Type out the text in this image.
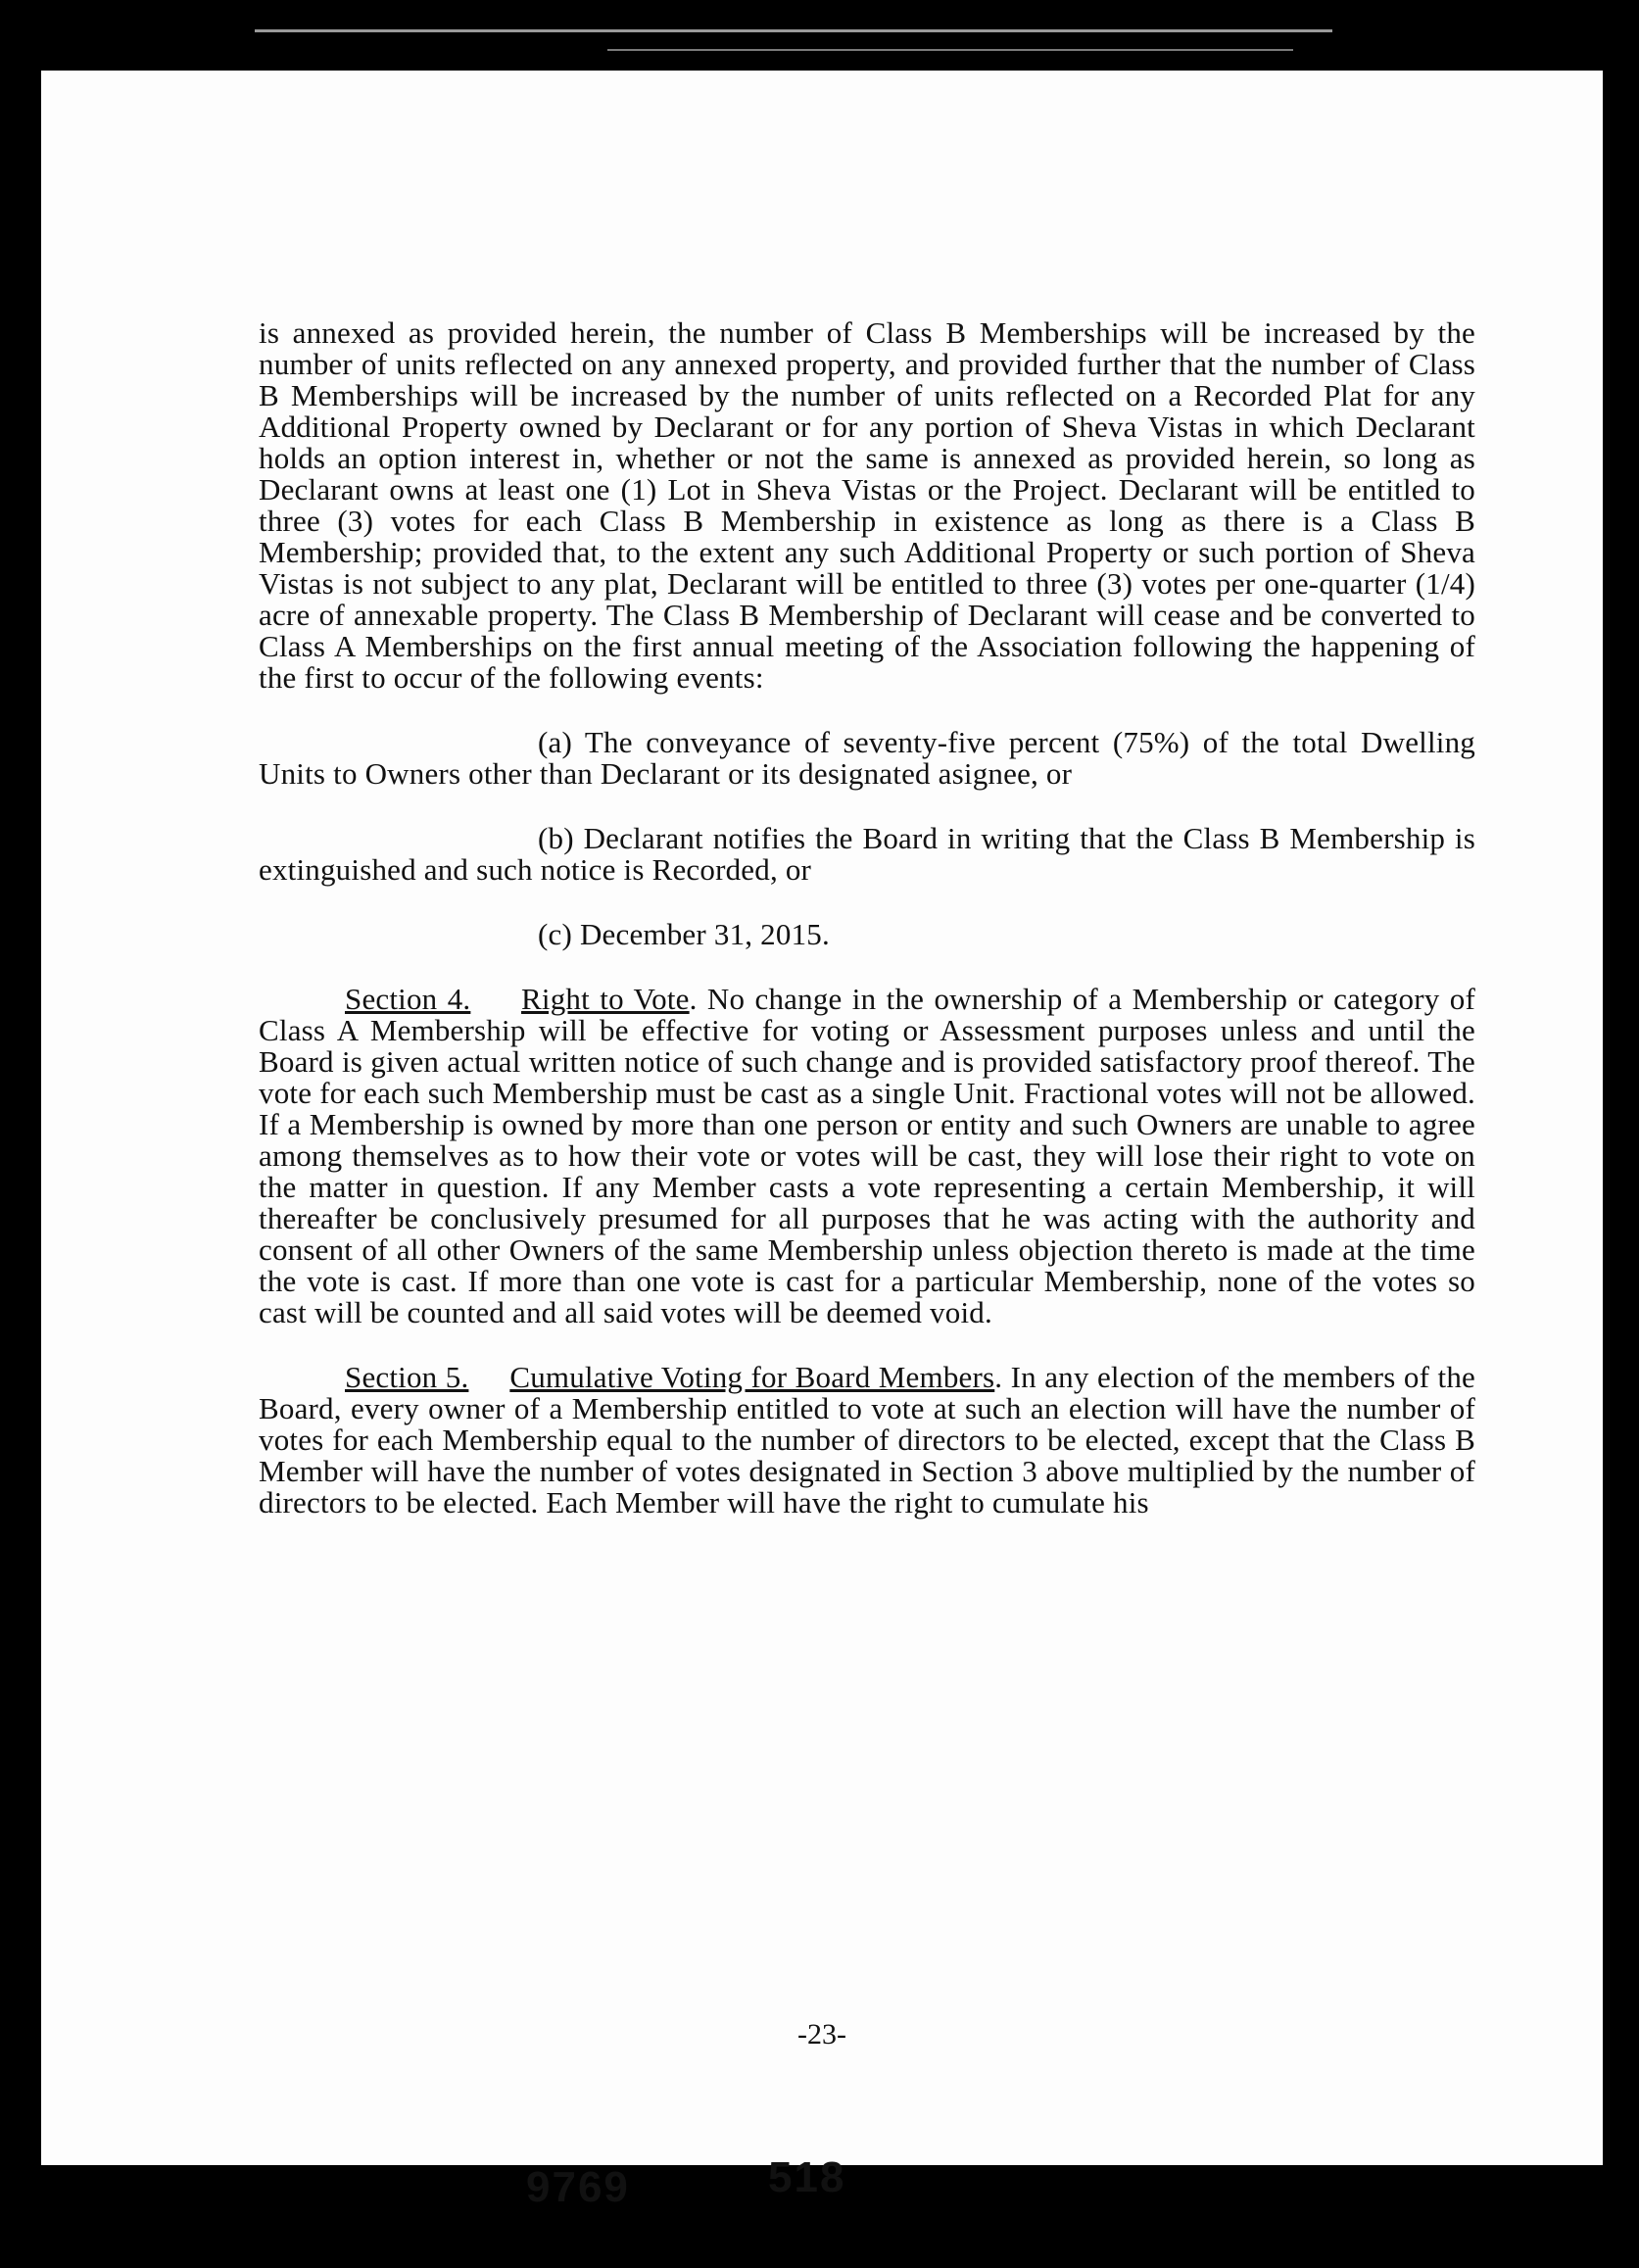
is annexed as provided herein, the number of Class B Memberships will be increased by the number of units reflected on any annexed property, and provided further that the number of Class B Memberships will be increased by the number of units reflected on a Recorded Plat for any Additional Property owned by Declarant or for any portion of Sheva Vistas in which Declarant holds an option interest in, whether or not the same is annexed as provided herein, so long as Declarant owns at least one (1) Lot in Sheva Vistas or the Project. Declarant will be entitled to three (3) votes for each Class B Membership in existence as long as there is a Class B Membership; provided that, to the extent any such Additional Property or such portion of Sheva Vistas is not subject to any plat, Declarant will be entitled to three (3) votes per one-quarter (1/4) acre of annexable property. The Class B Membership of Declarant will cease and be converted to Class A Memberships on the first annual meeting of the Association following the happening of the first to occur of the following events:

(a) The conveyance of seventy-five percent (75%) of the total Dwelling Units to Owners other than Declarant or its designated asignee, or

(b) Declarant notifies the Board in writing that the Class B Membership is extinguished and such notice is Recorded, or

(c) December 31, 2015.

Section 4. Right to Vote. No change in the ownership of a Membership or category of Class A Membership will be effective for voting or Assessment purposes unless and until the Board is given actual written notice of such change and is provided satisfactory proof thereof. The vote for each such Membership must be cast as a single Unit. Fractional votes will not be allowed. If a Membership is owned by more than one person or entity and such Owners are unable to agree among themselves as to how their vote or votes will be cast, they will lose their right to vote on the matter in question. If any Member casts a vote representing a certain Membership, it will thereafter be conclusively presumed for all purposes that he was acting with the authority and consent of all other Owners of the same Membership unless objection thereto is made at the time the vote is cast. If more than one vote is cast for a particular Membership, none of the votes so cast will be counted and all said votes will be deemed void.

Section 5. Cumulative Voting for Board Members. In any election of the members of the Board, every owner of a Membership entitled to vote at such an election will have the number of votes for each Membership equal to the number of directors to be elected, except that the Class B Member will have the number of votes designated in Section 3 above multiplied by the number of directors to be elected. Each Member will have the right to cumulate his

-23-
9769	518
